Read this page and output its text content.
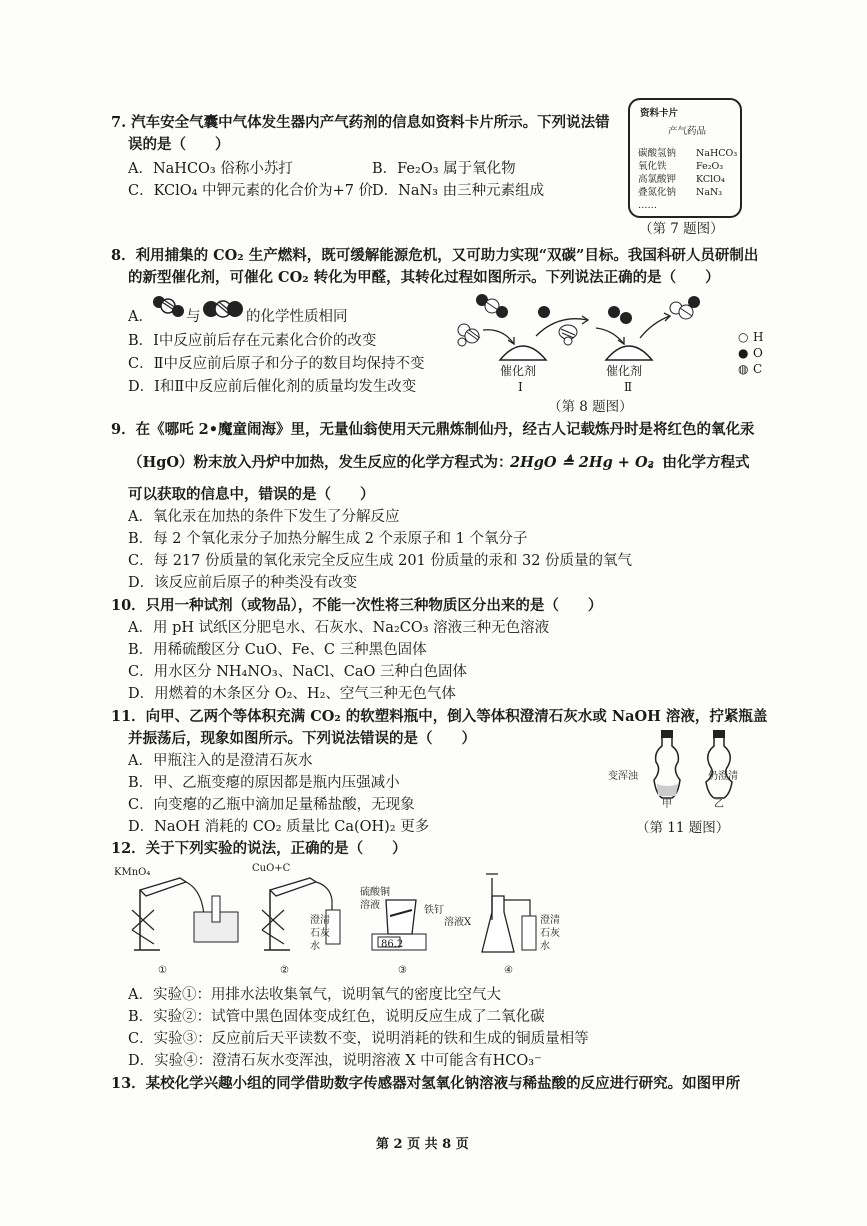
7. 汽车安全气囊中气体发生器内产气药剂的信息如资料卡片所示。下列说法错
误的是（　　）
A．NaHCO₃ 俗称小苏打	B．Fe₂O₃ 属于氧化物
C．KClO₄ 中钾元素的化合价为+7 价
D．NaN₃ 由三种元素组成
资料卡片
产气药品
碳酸氢钠 NaHCO₃
氧化铁	Fe₂O₃
高氯酸钾 KClO₄
叠氮化钠 NaN₃
……
（第 7 题图）
8．利用捕集的 CO₂ 生产燃料，既可缓解能源危机，又可助力实现“双碳”目标。我国科研人员研制出
的新型催化剂，可催化 CO₂ 转化为甲醛，其转化过程如图所示。下列说法正确的是（　　）
A． 与	的化学性质相同
B．Ⅰ中反应前后存在元素化合价的改变
C．Ⅱ中反应前后原子和分子的数目均保持不变
D．Ⅰ和Ⅱ中反应前后催化剂的质量均发生改变
催化剂
Ⅰ
催化剂
Ⅱ
○ H
● O
◍ C
（第 8 题图）
9．在《哪吒 2•魔童闹海》里，无量仙翁使用天元鼎炼制仙丹，经古人记载炼丹时是将红色的氧化汞
（HgO）粉末放入丹炉中加热，发生反应的化学方程式为：
2HgO ≜ 2Hg + O₂ ↑
。由化学方程式
可以获取的信息中，错误的是（　　）
A．氧化汞在加热的条件下发生了分解反应
B．每 2 个氧化汞分子加热分解生成 2 个汞原子和 1 个氧分子
C．每 217 份质量的氧化汞完全反应生成 201 份质量的汞和 32 份质量的氧气
D．该反应前后原子的种类没有改变
10．只用一种试剂（或物品），不能一次性将三种物质区分出来的是（　　）
A．用 pH 试纸区分肥皂水、石灰水、Na₂CO₃ 溶液三种无色溶液
B．用稀硫酸区分 CuO、Fe、C 三种黑色固体
C．用水区分 NH₄NO₃、NaCl、CaO 三种白色固体
D．用燃着的木条区分 O₂、H₂、空气三种无色气体
11．向甲、乙两个等体积充满 CO₂ 的软塑料瓶中，倒入等体积澄清石灰水或 NaOH 溶液，拧紧瓶盖
并振荡后，现象如图所示。下列说法错误的是（　　）
A．甲瓶注入的是澄清石灰水
B．甲、乙瓶变瘪的原因都是瓶内压强减小
C．向变瘪的乙瓶中滴加足量稀盐酸，无现象
D．NaOH 消耗的 CO₂ 质量比 Ca(OH)₂ 更多
变浑浊	仍澄清
甲	乙
（第 11 题图）
12．关于下列实验的说法，正确的是（　　）
KMnO₄	CuO+C
澄清石灰水
硫酸铜溶液	铁钉
86.2
溶液X	澄清石灰水
①	②	③	④
A．实验①：用排水法收集氧气，说明氧气的密度比空气大
B．实验②：试管中黑色固体变成红色，说明反应生成了二氧化碳
C．实验③：反应前后天平读数不变，说明消耗的铁和生成的铜质量相等
D．实验④：澄清石灰水变浑浊，说明溶液 X 中可能含有HCO₃⁻
13．某校化学兴趣小组的同学借助数字传感器对氢氧化钠溶液与稀盐酸的反应进行研究。如图甲所
第 2 页 共 8 页
